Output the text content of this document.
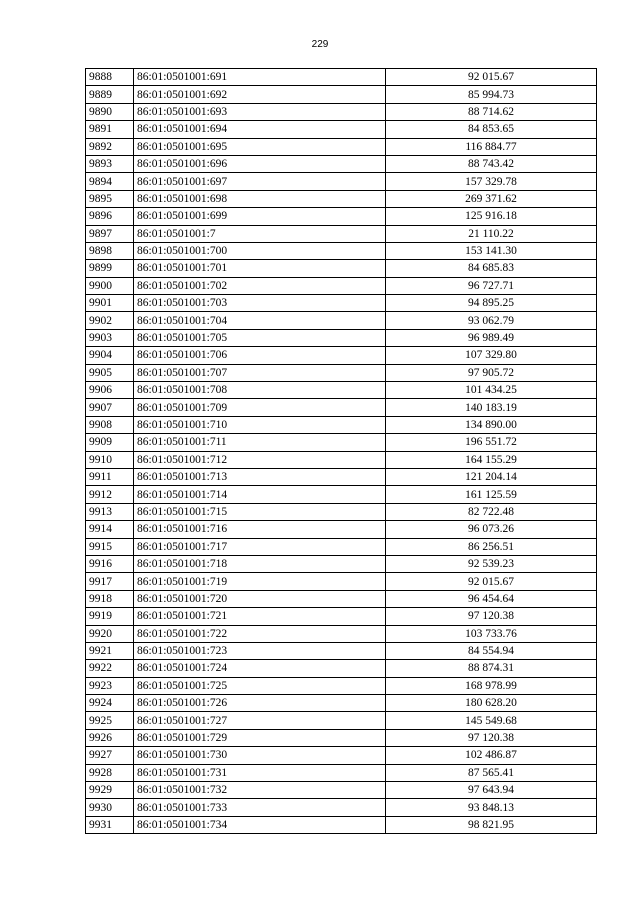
229
9888	86:01:0501001:691	92 015.67
9889	86:01:0501001:692	85 994.73
9890	86:01:0501001:693	88 714.62
9891	86:01:0501001:694	84 853.65
9892	86:01:0501001:695	116 884.77
9893	86:01:0501001:696	88 743.42
9894	86:01:0501001:697	157 329.78
9895	86:01:0501001:698	269 371.62
9896	86:01:0501001:699	125 916.18
9897	86:01:0501001:7	21 110.22
9898	86:01:0501001:700	153 141.30
9899	86:01:0501001:701	84 685.83
9900	86:01:0501001:702	96 727.71
9901	86:01:0501001:703	94 895.25
9902	86:01:0501001:704	93 062.79
9903	86:01:0501001:705	96 989.49
9904	86:01:0501001:706	107 329.80
9905	86:01:0501001:707	97 905.72
9906	86:01:0501001:708	101 434.25
9907	86:01:0501001:709	140 183.19
9908	86:01:0501001:710	134 890.00
9909	86:01:0501001:711	196 551.72
9910	86:01:0501001:712	164 155.29
9911	86:01:0501001:713	121 204.14
9912	86:01:0501001:714	161 125.59
9913	86:01:0501001:715	82 722.48
9914	86:01:0501001:716	96 073.26
9915	86:01:0501001:717	86 256.51
9916	86:01:0501001:718	92 539.23
9917	86:01:0501001:719	92 015.67
9918	86:01:0501001:720	96 454.64
9919	86:01:0501001:721	97 120.38
9920	86:01:0501001:722	103 733.76
9921	86:01:0501001:723	84 554.94
9922	86:01:0501001:724	88 874.31
9923	86:01:0501001:725	168 978.99
9924	86:01:0501001:726	180 628.20
9925	86:01:0501001:727	145 549.68
9926	86:01:0501001:729	97 120.38
9927	86:01:0501001:730	102 486.87
9928	86:01:0501001:731	87 565.41
9929	86:01:0501001:732	97 643.94
9930	86:01:0501001:733	93 848.13
9931	86:01:0501001:734	98 821.95
